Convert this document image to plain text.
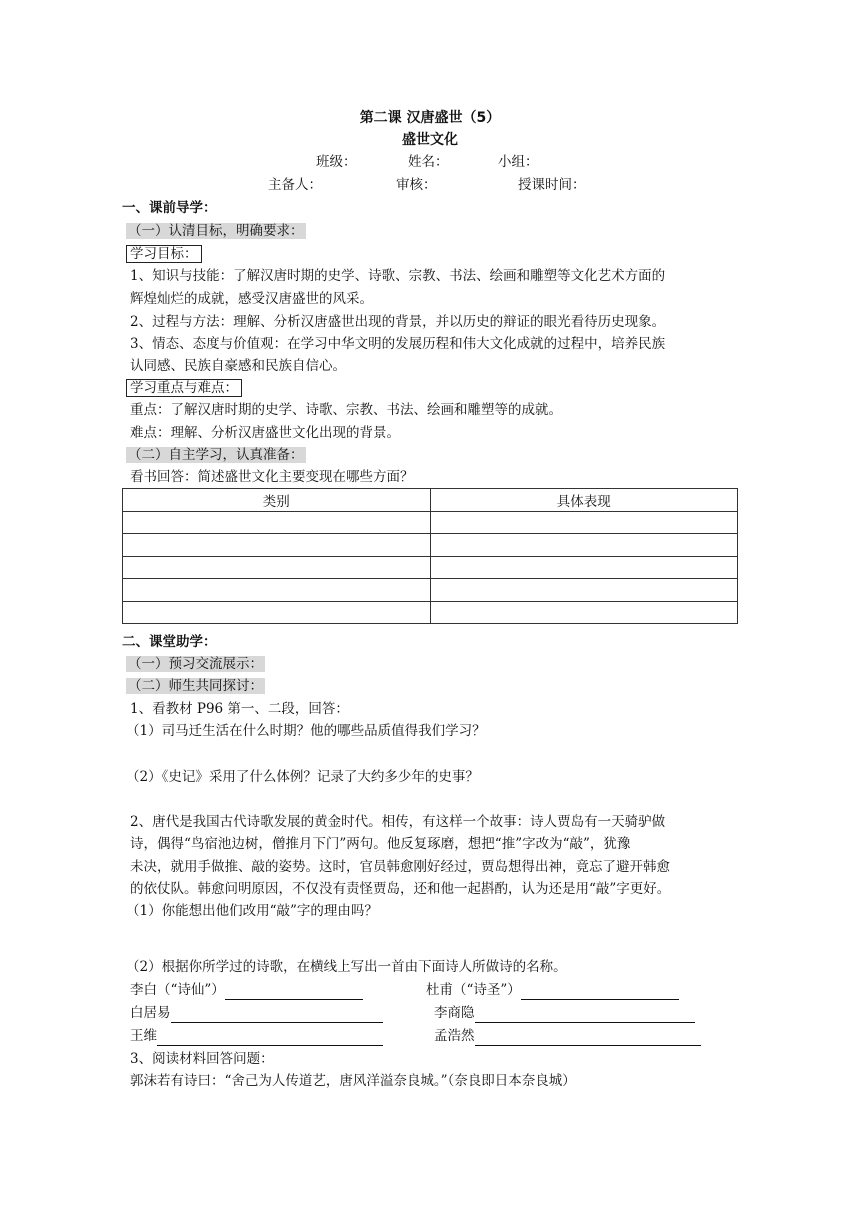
第二课 汉唐盛世（5）
盛世文化
班级：	姓名：	小组：
主备人：	审核：	授课时间：
一、课前导学：
（一）认清目标，明确要求：
学习目标：
1、知识与技能：了解汉唐时期的史学、诗歌、宗教、书法、绘画和雕塑等文化艺术方面的
辉煌灿烂的成就，感受汉唐盛世的风采。
2、过程与方法：理解、分析汉唐盛世出现的背景，并以历史的辩证的眼光看待历史现象。
3、情态、态度与价值观：在学习中华文明的发展历程和伟大文化成就的过程中，培养民族
认同感、民族自豪感和民族自信心。
学习重点与难点：
重点：了解汉唐时期的史学、诗歌、宗教、书法、绘画和雕塑等的成就。
难点：理解、分析汉唐盛世文化出现的背景。
（二）自主学习，认真准备：
看书回答：简述盛世文化主要变现在哪些方面？
类别	具体表现

二、课堂助学：
（一）预习交流展示：
（二）师生共同探讨：
1、看教材 P96 第一、二段，回答：
（1）司马迁生活在什么时期？他的哪些品质值得我们学习？
（2）《史记》采用了什么体例？记录了大约多少年的史事？
2、唐代是我国古代诗歌发展的黄金时代。相传，有这样一个故事：诗人贾岛有一天骑驴做
诗，偶得“鸟宿池边树，僧推月下门”两句。他反复琢磨，想把“推”字改为“敲”，犹豫
未决，就用手做推、敲的姿势。这时，官员韩愈刚好经过，贾岛想得出神，竟忘了避开韩愈
的依仗队。韩愈问明原因，不仅没有责怪贾岛，还和他一起斟酌，认为还是用“敲”字更好。
（1）你能想出他们改用“敲”字的理由吗？
（2）根据你所学过的诗歌，在横线上写出一首由下面诗人所做诗的名称。
李白（“诗仙”）	杜甫（“诗圣”）
白居易	李商隐
王维	孟浩然
3、阅读材料回答问题：
郭沫若有诗曰：“舍己为人传道艺，唐风洋溢奈良城。”（奈良即日本奈良城）
